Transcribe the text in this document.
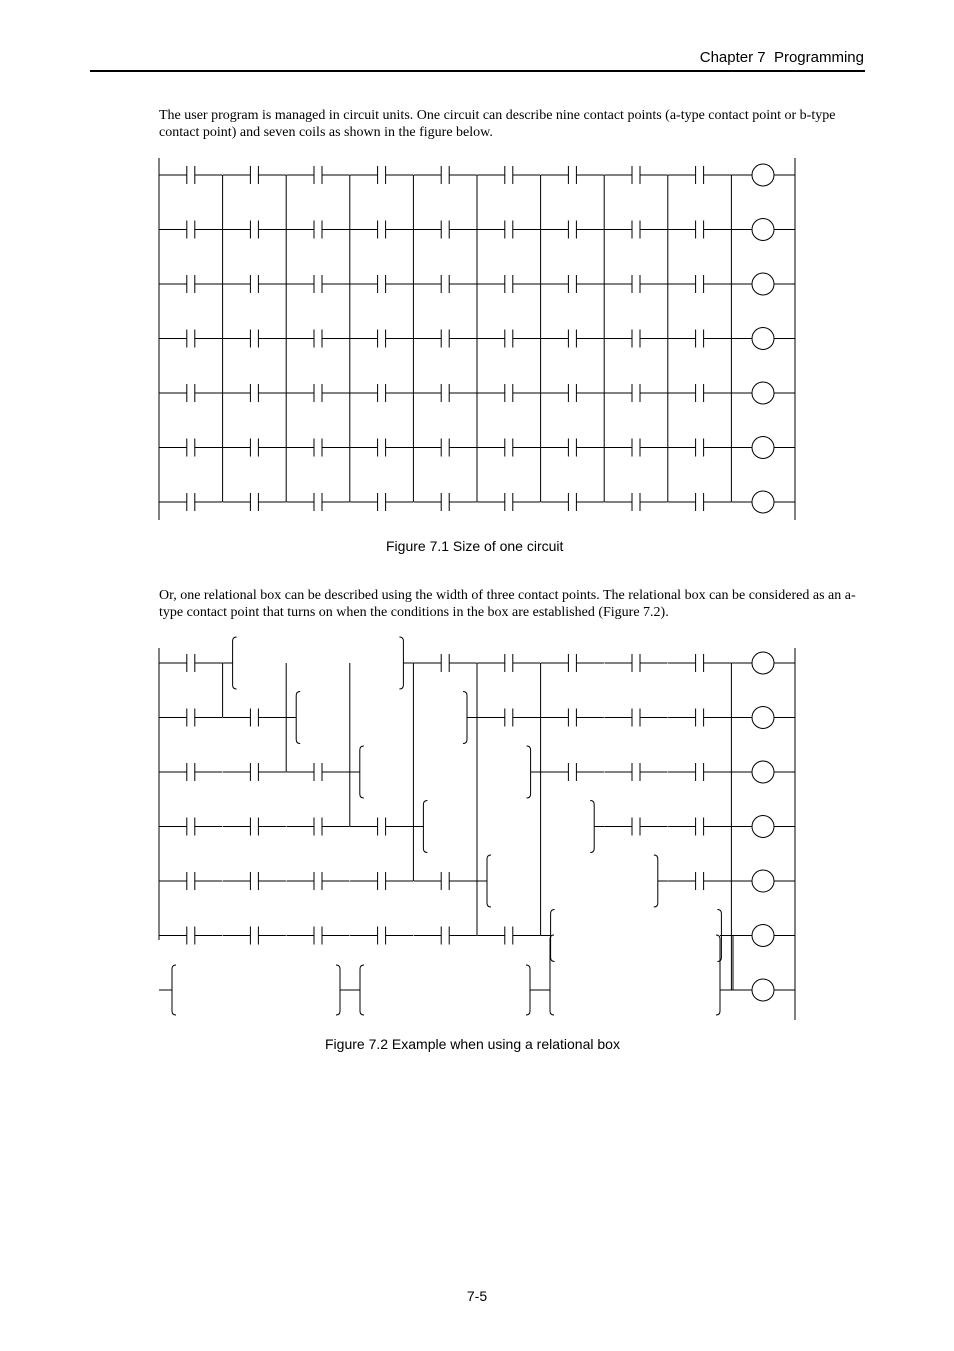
Chapter 7  Programming

The user program is managed in circuit units. One circuit can describe nine contact points (a-type contact point or b-type contact point) and seven coils as shown in the figure below.

Figure 7.1 Size of one circuit

Or, one relational box can be described using the width of three contact points. The relational box can be considered as an a-type contact point that turns on when the conditions in the box are established (Figure 7.2).

Figure 7.2 Example when using a relational box
7-5
